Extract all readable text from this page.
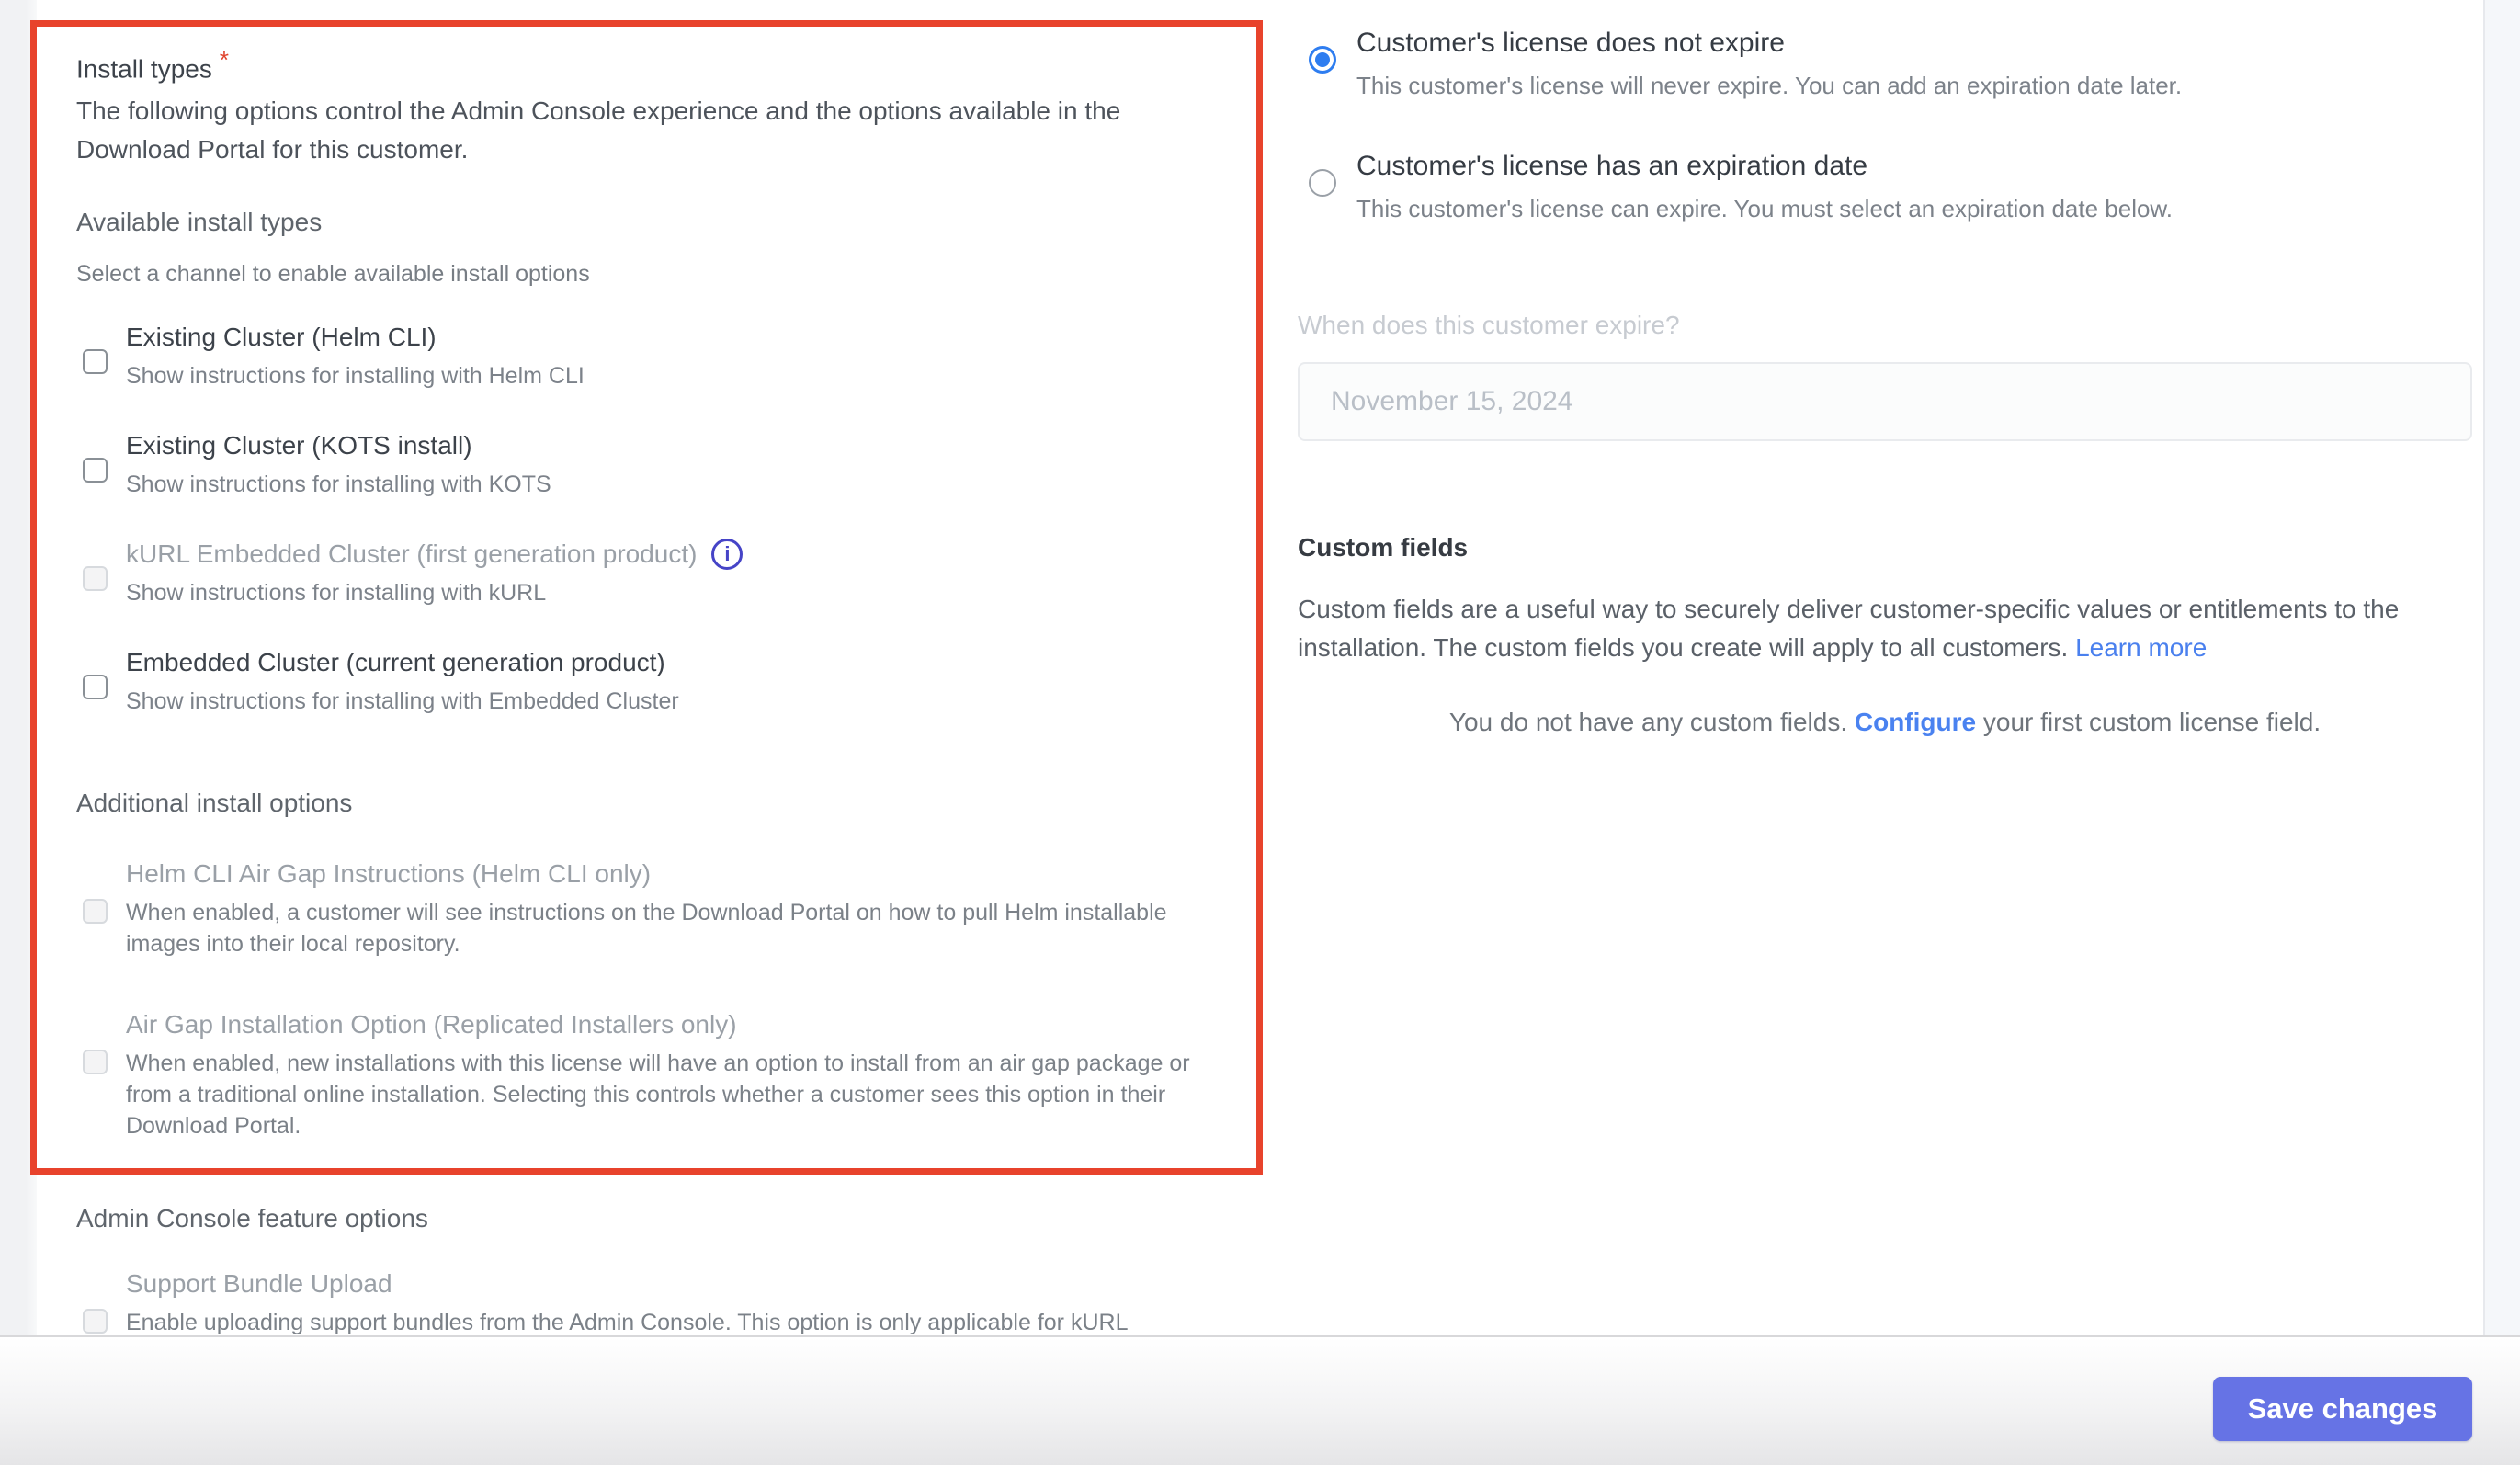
Install types *
The following options control the Admin Console experience and the options available in the Download Portal for this customer.
Available install types
Select a channel to enable available install options
Existing Cluster (Helm CLI)
Show instructions for installing with Helm CLI
Existing Cluster (KOTS install)
Show instructions for installing with KOTS
kURL Embedded Cluster (first generation product)	i
Show instructions for installing with kURL
Embedded Cluster (current generation product)
Show instructions for installing with Embedded Cluster
Additional install options
Helm CLI Air Gap Instructions (Helm CLI only)
When enabled, a customer will see instructions on the Download Portal on how to pull Helm installable images into their local repository.
Air Gap Installation Option (Replicated Installers only)
When enabled, new installations with this license will have an option to install from an air gap package or from a traditional online installation. Selecting this controls whether a customer sees this option in their Download Portal.
Admin Console feature options
Support Bundle Upload
Enable uploading support bundles from the Admin Console. This option is only applicable for kURL
Customer's license does not expire
This customer's license will never expire. You can add an expiration date later.
Customer's license has an expiration date
This customer's license can expire. You must select an expiration date below.
When does this customer expire?
November 15, 2024
Custom fields
Custom fields are a useful way to securely deliver customer-specific values or entitlements to the installation. The custom fields you create will apply to all customers. Learn more
You do not have any custom fields. Configure your first custom license field.
Save changes
